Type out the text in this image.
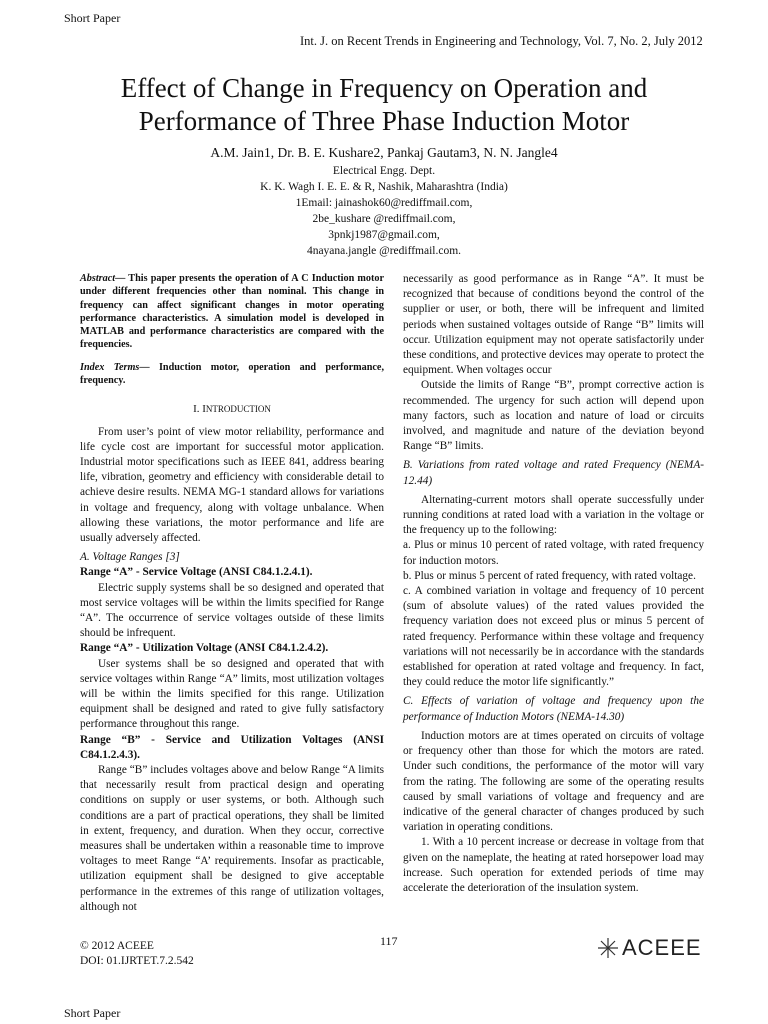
Short Paper
Int. J. on Recent Trends in Engineering and Technology, Vol. 7, No. 2, July 2012
Effect of Change in Frequency on Operation and
Performance of Three Phase Induction Motor
A.M. Jain1, Dr. B. E. Kushare2, Pankaj Gautam3, N. N. Jangle4
Electrical Engg. Dept.
K. K. Wagh I. E. E. & R, Nashik, Maharashtra (India)
1Email: jainashok60@rediffmail.com,
2be_kushare @rediffmail.com,
3pnkj1987@gmail.com,
4nayana.jangle @rediffmail.com.

Abstract— This paper presents the operation of A C Induction motor under different frequencies other than nominal. This change in frequency can affect significant changes in motor operating performance characteristics. A simulation model is developed in MATLAB and performance characteristics are compared with the frequencies.

Index Terms— Induction motor, operation and performance, frequency.

I. INTRODUCTION

From user’s point of view motor reliability, performance and life cycle cost are important for successful motor application. Industrial motor specifications such as IEEE 841, address bearing life, vibration, geometry and efficiency with considerable detail to achieve desire results. NEMA MG-1 standard allows for variations in voltage and frequency, along with voltage unbalance. When allowing these variations, the motor performance and life are usually adversely affected.

A. Voltage Ranges [3]

Range “A” - Service Voltage (ANSI C84.1.2.4.1).

Electric supply systems shall be so designed and operated that most service voltages will be within the limits specified for Range “A”. The occurrence of service voltages outside of these limits should be infrequent.

Range “A” - Utilization Voltage (ANSI C84.1.2.4.2).

User systems shall be so designed and operated that with service voltages within Range “A” limits, most utilization voltages will be within the limits specified for this range. Utilization equipment shall be designed and rated to give fully satisfactory performance throughout this range.

Range “B” - Service and Utilization Voltages (ANSI C84.1.2.4.3).

Range “B” includes voltages above and below Range “A limits that necessarily result from practical design and operating conditions on supply or user systems, or both. Although such conditions are a part of practical operations, they shall be limited in extent, frequency, and duration. When they occur, corrective measures shall be undertaken within a reasonable time to improve voltages to meet Range “A’ requirements. Insofar as practicable, utilization equipment shall be designed to give acceptable performance in the extremes of this range of utilization voltages, although not

necessarily as good performance as in Range “A”. It must be recognized that because of conditions beyond the control of the supplier or user, or both, there will be infrequent and limited periods when sustained voltages outside of Range “B” limits will occur. Utilization equipment may not operate satisfactorily under these conditions, and protective devices may operate to protect the equipment. When voltages occur

Outside the limits of Range “B”, prompt corrective action is recommended. The urgency for such action will depend upon many factors, such as location and nature of load or circuits involved, and magnitude and nature of the deviation beyond Range “B” limits.

B. Variations from rated voltage and rated Frequency (NEMA-12.44)

Alternating-current motors shall operate successfully under running conditions at rated load with a variation in the voltage or the frequency up to the following:

a. Plus or minus 10 percent of rated voltage, with rated frequency for induction motors.

b. Plus or minus 5 percent of rated frequency, with rated voltage.

c. A combined variation in voltage and frequency of 10 percent (sum of absolute values) of the rated values provided the frequency variation does not exceed plus or minus 5 percent of rated frequency. Performance within these voltage and frequency variations will not necessarily be in accordance with the standards established for operation at rated voltage and frequency. In fact, they could reduce the motor life significantly.”

C. Effects of variation of voltage and frequency upon the performance of Induction Motors (NEMA-14.30)

Induction motors are at times operated on circuits of voltage or frequency other than those for which the motors are rated. Under such conditions, the performance of the motor will vary from the rating. The following are some of the operating results caused by small variations of voltage and frequency and are indicative of the general character of changes produced by such variation in operating conditions.

1. With a 10 percent increase or decrease in voltage from that given on the nameplate, the heating at rated horsepower load may increase. Such operation for extended periods of time may accelerate the deterioration of the insulation system.

117
© 2012 ACEEE
DOI: 01.IJRTET.7.2.542
ACEEE
Short Paper
